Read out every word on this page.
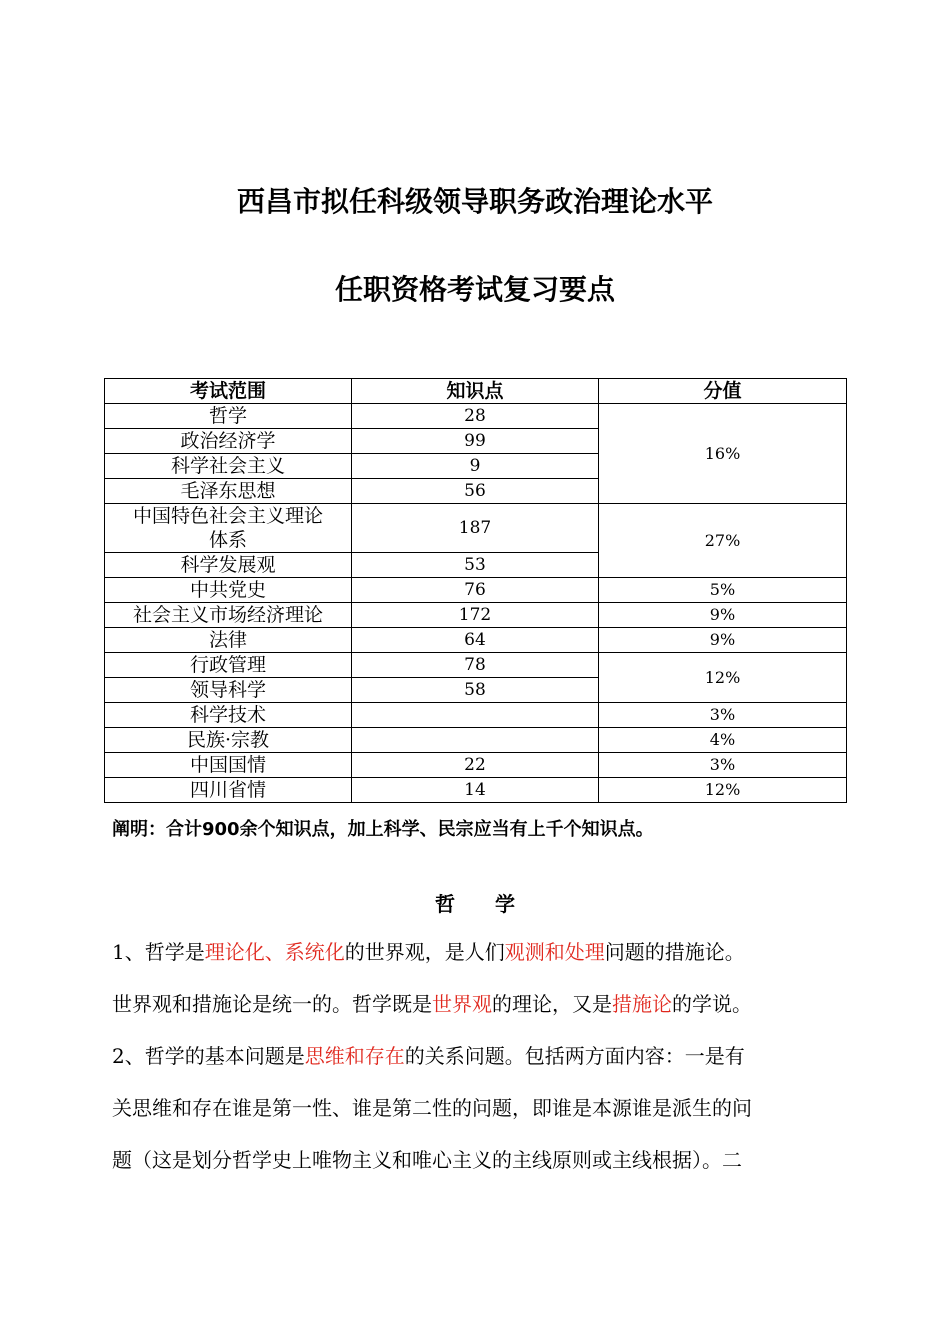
西昌市拟任科级领导职务政治理论水平
任职资格考试复习要点
考试范围	知识点	分值
哲学	28	16%
政治经济学	99	
科学社会主义	9	
毛泽东思想	56	

中国特色社会主义理论
体系	187	27%
科学发展观	53	
中共党史	76	5%
社会主义市场经济理论	172	9%
法律	64	9%
行政管理	78	12%
领导科学	58	
科学技术		3%
民族·宗教		4%
中国国情	22	3%
四川省情	14	12%
阐明：合计900余个知识点，加上科学、民宗应当有上千个知识点。
哲 学
1、哲学是理论化、系统化的世界观，是人们观测和处理问题的措施论。
世界观和措施论是统一的。哲学既是世界观的理论，又是措施论的学说。
2、哲学的基本问题是思维和存在的关系问题。包括两方面内容：一是有
关思维和存在谁是第一性、谁是第二性的问题，即谁是本源谁是派生的问
题（这是划分哲学史上唯物主义和唯心主义的主线原则或主线根据）。二
